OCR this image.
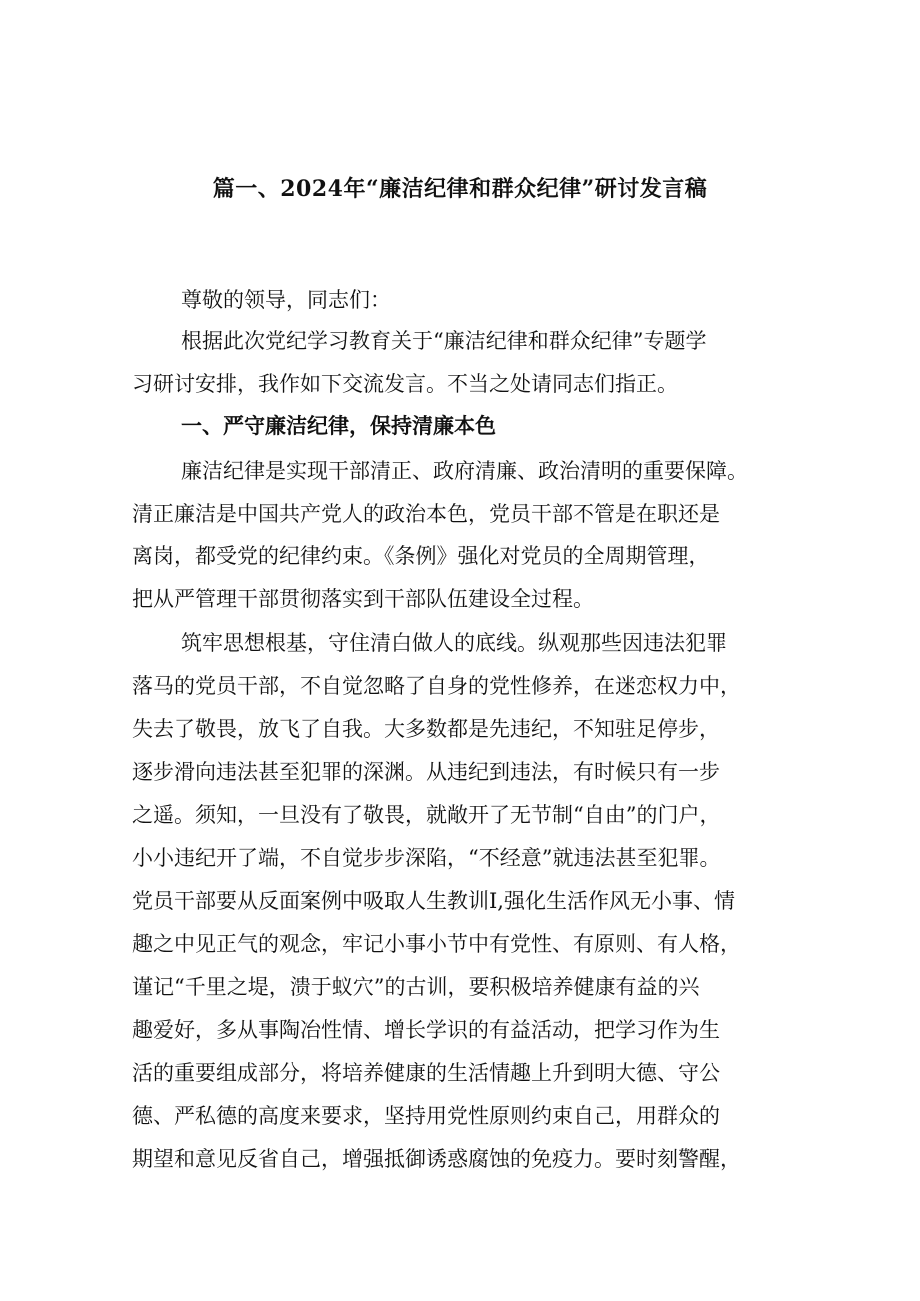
篇一、2024年“廉洁纪律和群众纪律”研讨发言稿
尊敬的领导，同志们：
根据此次党纪学习教育关于“廉洁纪律和群众纪律”专题学
习研讨安排，我作如下交流发言。不当之处请同志们指正。
一、严守廉洁纪律，保持清廉本色
廉洁纪律是实现干部清正、政府清廉、政治清明的重要保障。
清正廉洁是中国共产党人的政治本色，党员干部不管是在职还是
离岗，都受党的纪律约束。《条例》强化对党员的全周期管理，
把从严管理干部贯彻落实到干部队伍建设全过程。
筑牢思想根基，守住清白做人的底线。纵观那些因违法犯罪
落马的党员干部，不自觉忽略了自身的党性修养，在迷恋权力中，
失去了敬畏，放飞了自我。大多数都是先违纪，不知驻足停步，
逐步滑向违法甚至犯罪的深渊。从违纪到违法，有时候只有一步
之遥。须知，一旦没有了敬畏，就敞开了无节制“自由”的门户，
小小违纪开了端，不自觉步步深陷，“不经意”就违法甚至犯罪。
党员干部要从反面案例中吸取人生教训I,强化生活作风无小事、情
趣之中见正气的观念，牢记小事小节中有党性、有原则、有人格，
谨记“千里之堤，溃于蚁穴”的古训，要积极培养健康有益的兴
趣爱好，多从事陶冶性情、增长学识的有益活动，把学习作为生
活的重要组成部分，将培养健康的生活情趣上升到明大德、守公
德、严私德的高度来要求，坚持用党性原则约束自己，用群众的
期望和意见反省自己，增强抵御诱惑腐蚀的免疫力。要时刻警醒，
